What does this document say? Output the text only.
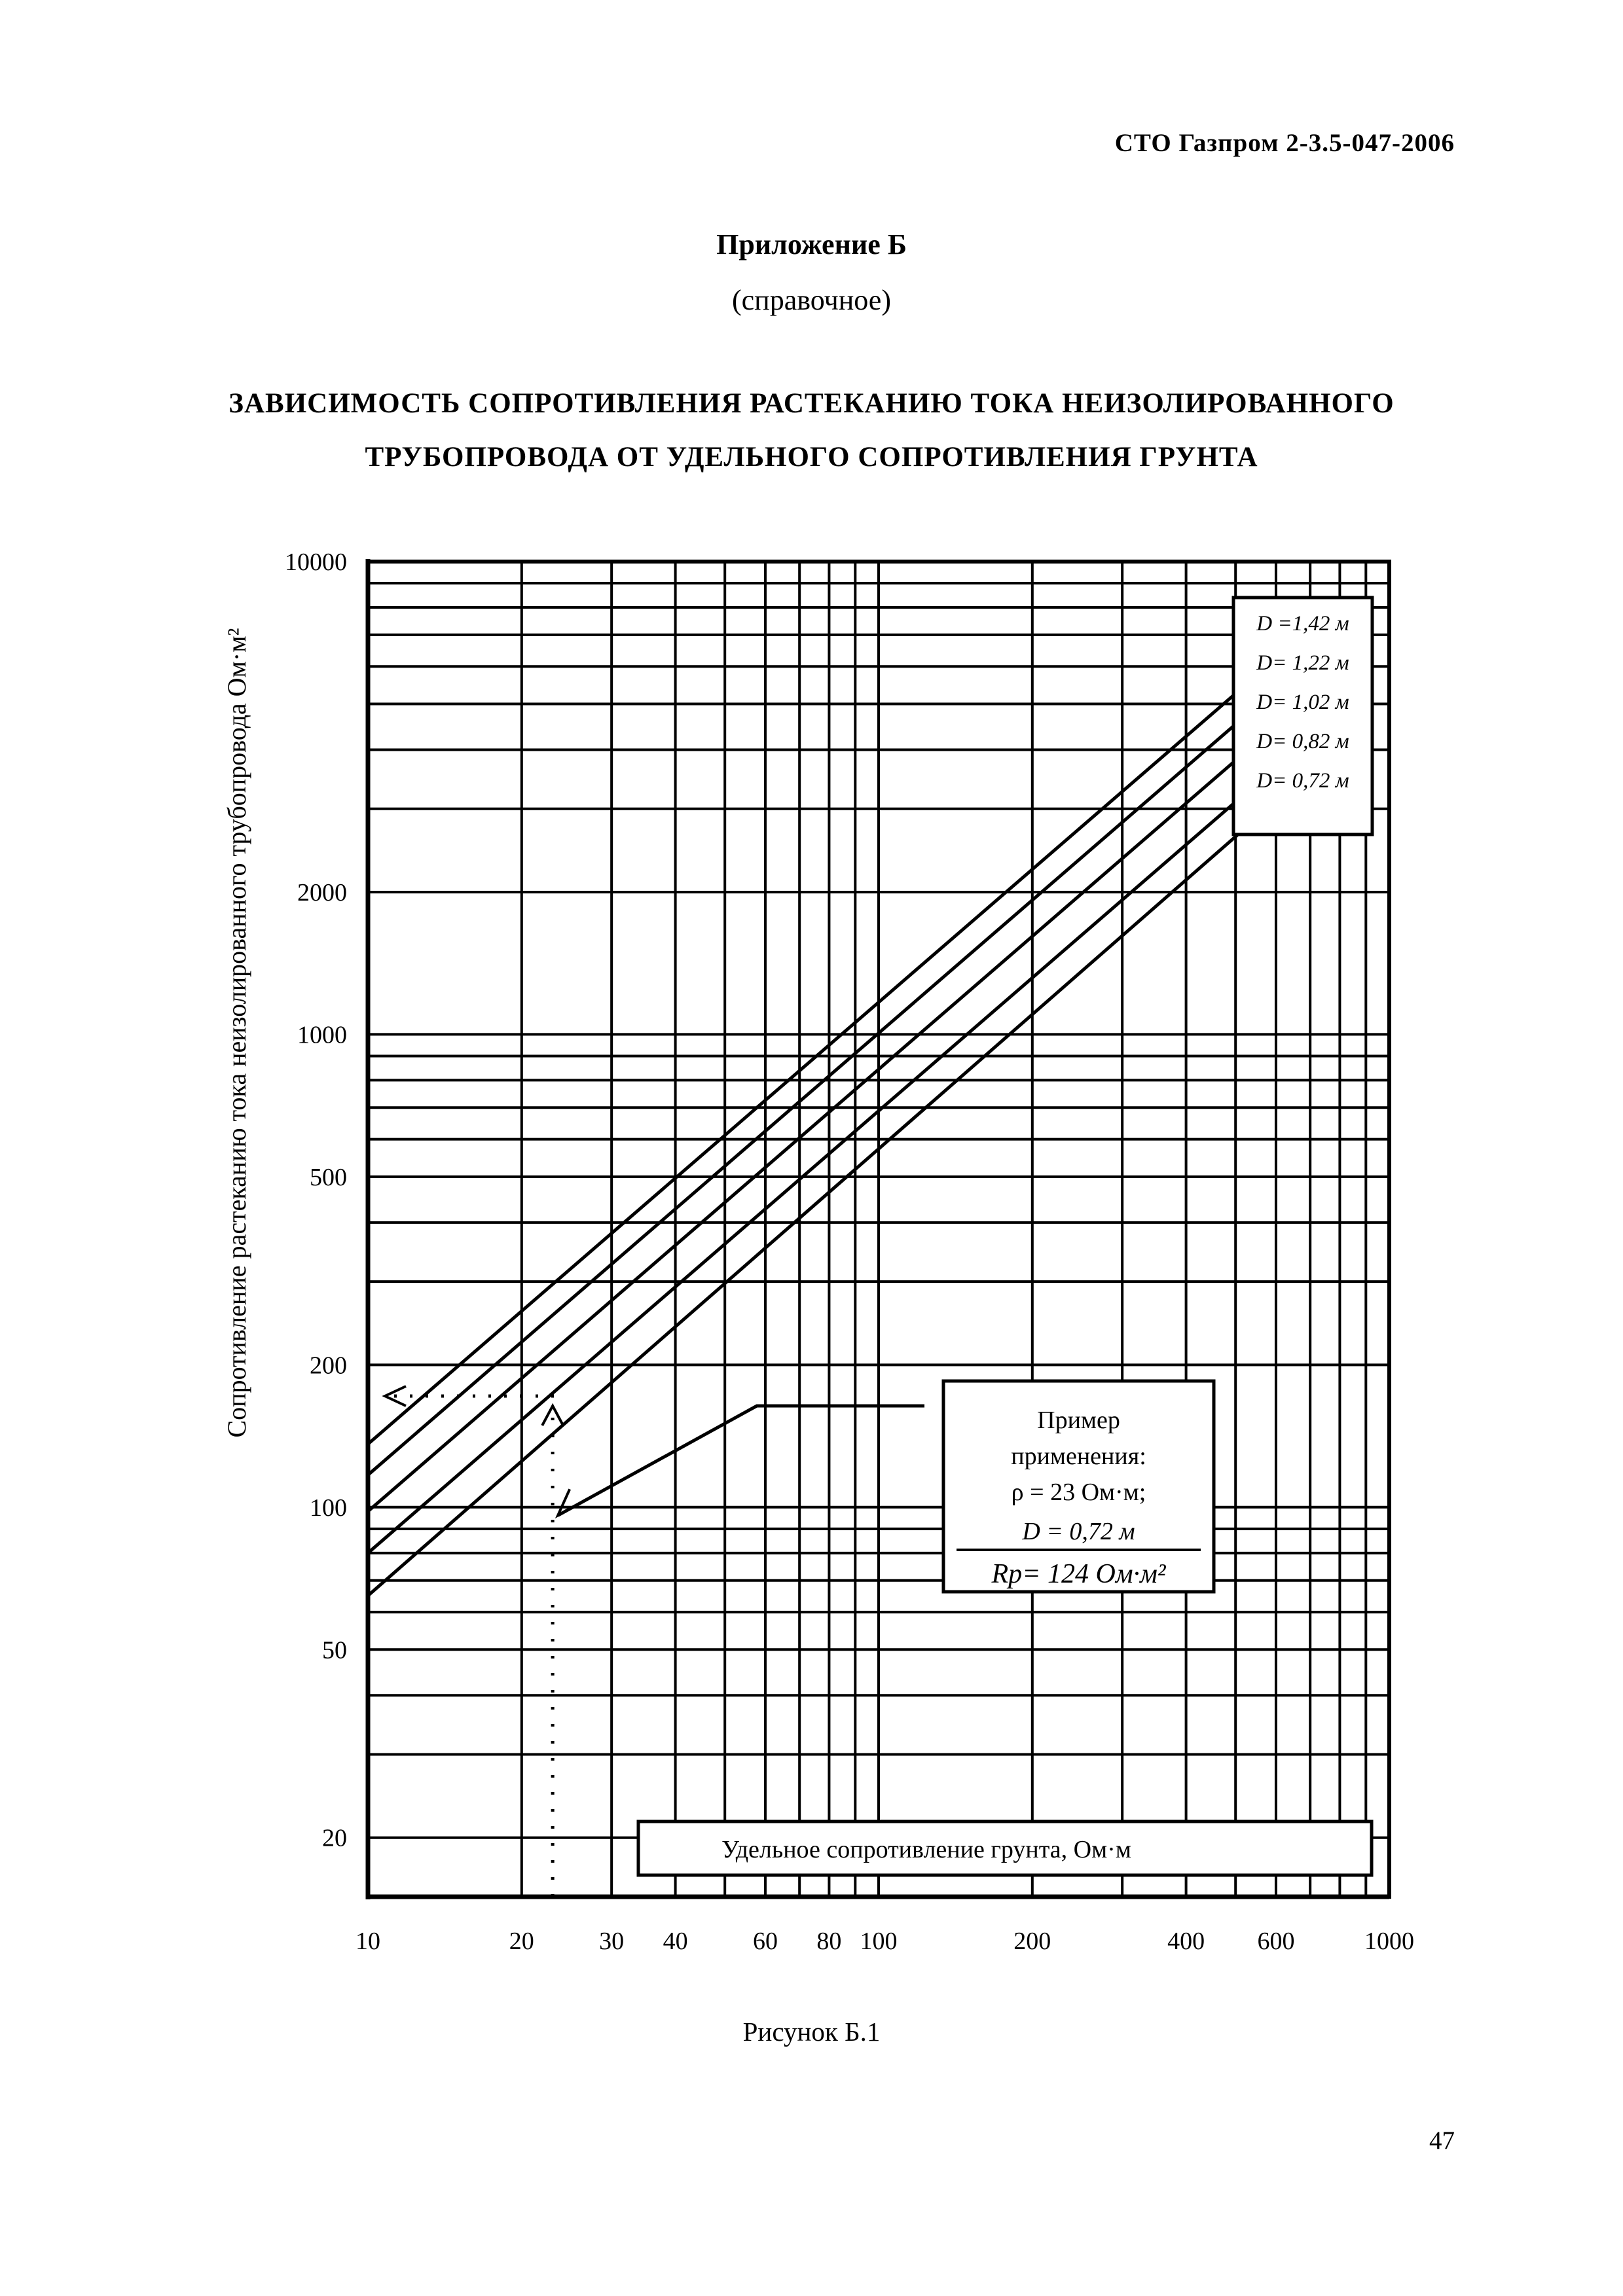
СТО Газпром 2-3.5-047-2006
Приложение Б
(справочное)
ЗАВИСИМОСТЬ СОПРОТИВЛЕНИЯ РАСТЕКАНИЮ ТОКА НЕИЗОЛИРОВАННОГО
ТРУБОПРОВОДА ОТ УДЕЛЬНОГО СОПРОТИВЛЕНИЯ ГРУНТА
10	20	30 40	60 80 100	200	400 600	1000
20
50
100
200
500
1000
2000
10000
Сопротивление растеканию тока неизолированного трубопровода Ом·м²
D =1,42 м
D= 1,22 м
D= 1,02 м
D= 0,82 м
D= 0,72 м
Удельное сопротивление грунта, Ом·м
Пример
применения:
ρ = 23 Ом·м;
D = 0,72 м
Rp= 124 Ом·м²
Рисунок Б.1
47
